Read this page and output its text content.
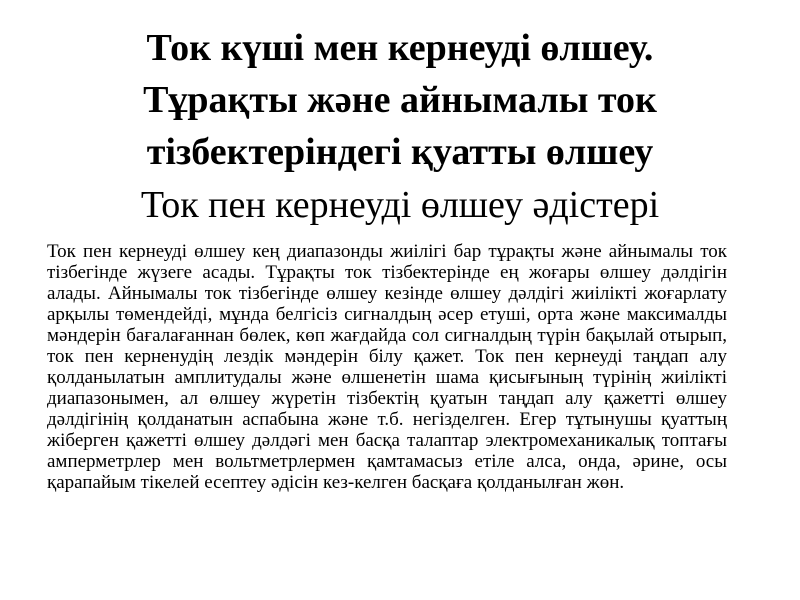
Ток күші мен кернеуді өлшеу.
Тұрақты және айнымалы ток
тізбектеріндегі қуатты өлшеу
Ток пен кернеуді өлшеу әдістері

Ток пен кернеуді өлшеу кең диапазонды жиілігі бар тұрақты және айнымалы ток тізбегінде жүзеге асады. Тұрақты ток тізбектерінде ең жоғары өлшеу дәлдігін алады. Айнымалы ток тізбегінде өлшеу кезінде өлшеу дәлдігі жиілікті жоғарлату арқылы төмендейді, мұнда белгісіз сигналдың әсер етуші, орта және максималды мәндерін бағалағаннан бөлек, көп жағдайда сол сигналдың түрін бақылай отырып, ток пен керненудің лездік мәндерін білу қажет. Ток пен кернеуді таңдап алу қолданылатын амплитудалы және өлшенетін шама қисығының түрінің жиілікті диапазонымен, ал өлшеу жүретін тізбектің қуатын таңдап алу қажетті өлшеу дәлдігінің қолданатын аспабына және т.б. негізделген. Егер тұтынушы қуаттың жіберген қажетті өлшеу дәлдәгі мен басқа талаптар электромеханикалық топтағы амперметрлер мен вольтметрлермен қамтамасыз етіле алса, онда, әрине, осы қарапайым тікелей есептеу әдісін кез-келген басқаға қолданылған жөн.
